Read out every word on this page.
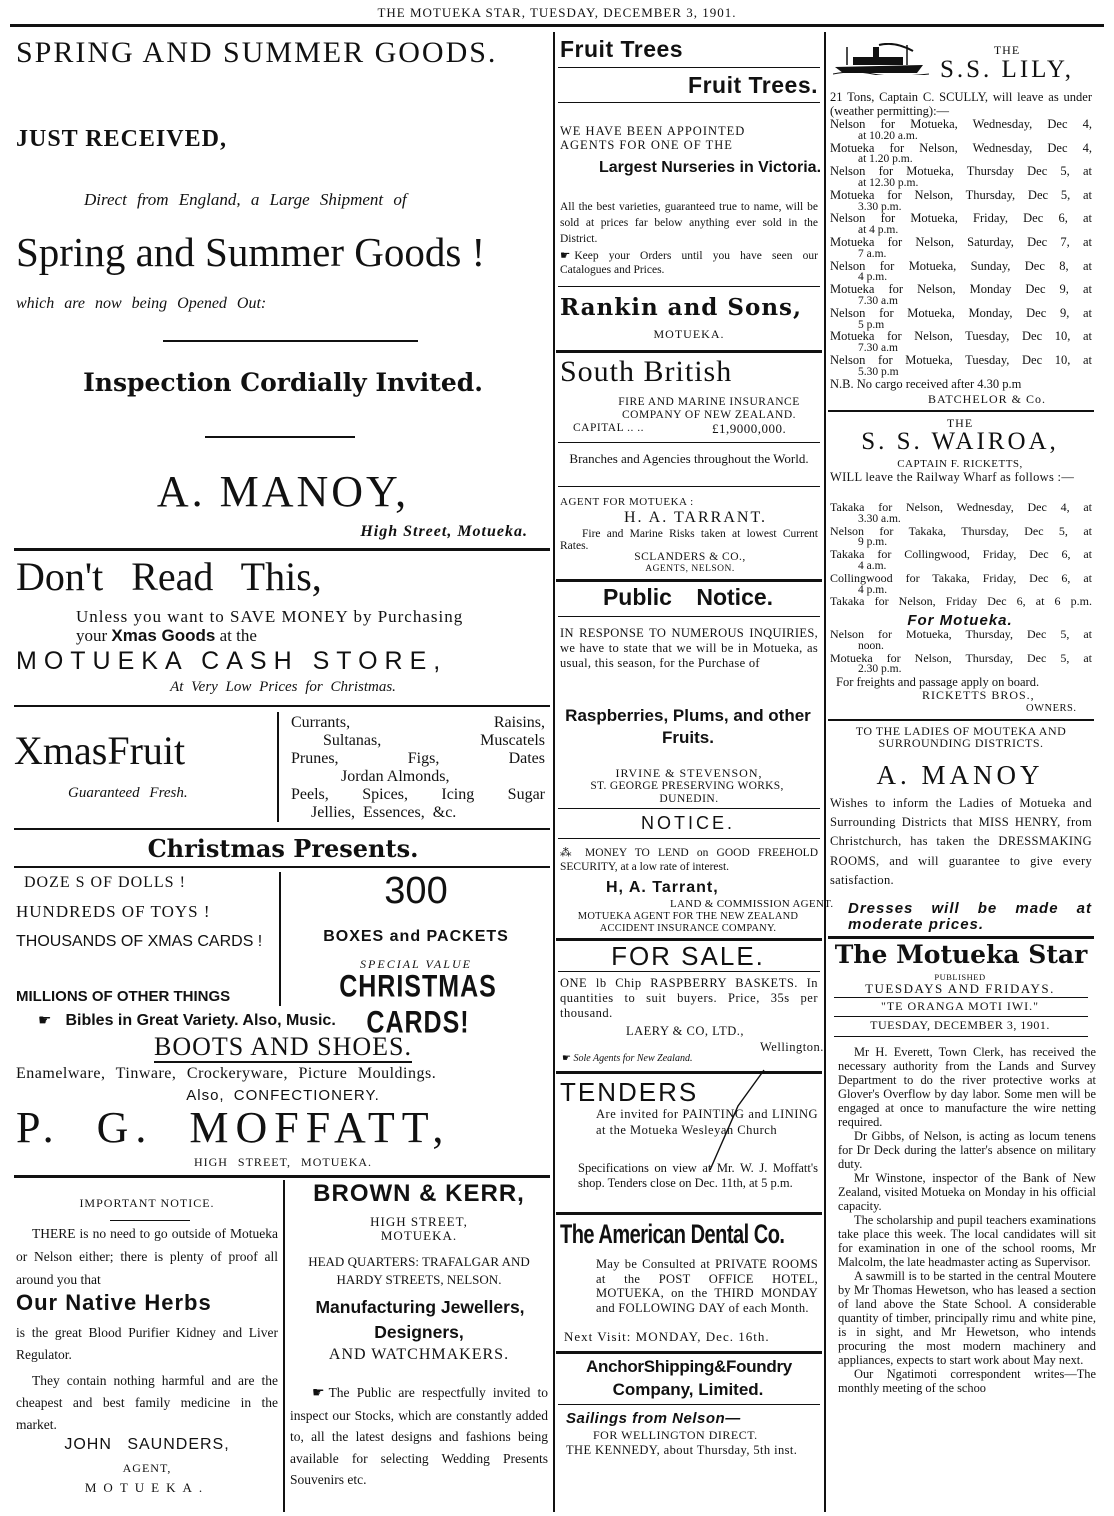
THE MOTUEKA STAR, TUESDAY, DECEMBER 3, 1901.
SPRING AND SUMMER GOODS.
JUST RECEIVED,
Direct from England, a Large Shipment of
Spring and Summer Goods !
which are now being Opened Out:
Inspection Cordially Invited.
A. MANOY,
High Street, Motueka.
Don't Read This,
Unless you want to SAVE MONEY by Purchasing
your Xmas Goods at the
MOTUEKA CASH STORE,
At Very Low Prices for Christmas.
XmasFruit
Guaranteed Fresh.
Currants, Raisins,
Sultanas, Muscatels
Prunes, Figs, Dates
Jordan Almonds,
Peels, Spices, Icing Sugar
Jellies, Essences, &c.
Christmas Presents.
DOZE S OF DOLLS !
HUNDREDS OF TOYS !
THOUSANDS OF XMAS CARDS !
MILLIONS OF OTHER THINGS
300
BOXES and PACKETS
SPECIAL VALUE
CHRISTMAS CARDS!
☛ Bibles in Great Variety. Also, Music.
BOOTS AND SHOES.
Enamelware, Tinware, Crockeryware, Picture Mouldings.
Also, CONFECTIONERY.
P. G. MOFFATT,
HIGH STREET, MOTUEKA.
IMPORTANT NOTICE.
THERE is no need to go outside of Motueka or Nelson either; there is plenty of proof all around you that
Our Native Herbs
is the great Blood Purifier Kidney and Liver Regulator.
They contain nothing harmful and are the cheapest and best family medicine in the market.
JOHN SAUNDERS,
AGENT,
MOTUEKA.
BROWN & KERR,
HIGH STREET,
MOTUEKA.
HEAD QUARTERS: TRAFALGAR AND HARDY STREETS, NELSON.
Manufacturing Jewellers,
Designers,
AND WATCHMAKERS.
☛ The Public are respectfully invited to inspect our Stocks, which are constantly added to, all the latest designs and fashions being available for selecting Wedding Presents Souvenirs etc.
Fruit Trees
Fruit Trees.
WE HAVE BEEN APPOINTED AGENTS FOR ONE OF THE
Largest Nurseries in Victoria.
All the best varieties, guaranteed true to name, will be sold at prices far below anything ever sold in the District.
☛ Keep your Orders until you have seen our Catalogues and Prices.
Rankin and Sons,
MOTUEKA.
South British
FIRE AND MARINE INSURANCE
COMPANY OF NEW ZEALAND.
CAPITAL .. ..	£1,9000,000.
Branches and Agencies throughout the World.
AGENT FOR MOTUEKA :
H. A. TARRANT.
Fire and Marine Risks taken at lowest Current Rates.
SCLANDERS & CO.,
AGENTS, NELSON.
Public Notice.
IN RESPONSE TO NUMEROUS INQUIRIES, we have to state that we will be in Motueka, as usual, this season, for the Purchase of
Raspberries, Plums, and other Fruits.
IRVINE & STEVENSON,
ST. GEORGE PRESERVING WORKS,
DUNEDIN.
NOTICE.
⁂ MONEY TO LEND on GOOD FREEHOLD SECURITY, at a low rate of interest.
H, A. Tarrant,
LAND & COMMISSION AGENT.
MOTUEKA AGENT FOR THE NEW ZEALAND ACCIDENT INSURANCE COMPANY.
FOR SALE.
ONE lb Chip RASPBERRY BASKETS. In quantities to suit buyers. Price, 35s per thousand.
LAERY & CO, LTD.,
Wellington.
☛ Sole Agents for New Zealand.
TENDERS
Are invited for PAINTING and LINING at the Motueka Wesleyan Church
Specifications on view at Mr. W. J. Moffatt's shop. Tenders close on Dec. 11th, at 5 p.m.
The American Dental Co.
May be Consulted at PRIVATE ROOMS at the POST OFFICE HOTEL, MOTUEKA, on the THIRD MONDAY and FOLLOWING DAY of each Month.
Next Visit: MONDAY, Dec. 16th.
AnchorShipping&Foundry
Company, Limited.
Sailings from Nelson—
FOR WELLINGTON DIRECT.
THE KENNEDY, about Thursday, 5th inst.
THE
S.S. LILY,
21 Tons, Captain C. SCULLY, will leave as under (weather permitting):—
Nelson for Motueka, Wednesday, Dec 4,
at 10.20 a.m.
Motueka for Nelson, Wednesday, Dec 4,
at 1.20 p.m.
Nelson for Motueka, Thursday Dec 5, at
at 12.30 p.m.
Motueka for Nelson, Thursday, Dec 5, at
3.30 p.m.
Nelson for Motueka, Friday, Dec 6, at
at 4 p.m.
Motueka for Nelson, Saturday, Dec 7, at
7 a.m.
Nelson for Motueka, Sunday, Dec 8, at
4 p.m.
Motueka for Nelson, Monday Dec 9, at
7.30 a.m
Nelson for Motueka, Monday, Dec 9, at
5 p.m
Motueka for Nelson, Tuesday, Dec 10, at
7.30 a.m
Nelson for Motueka, Tuesday, Dec 10, at
5.30 p.m
N.B. No cargo received after 4.30 p.m
BATCHELOR & Co.
THE
S. S. WAIROA,
CAPTAIN F. RICKETTS,
WILL leave the Railway Wharf as follows :—
Takaka for Nelson, Wednesday, Dec 4, at
3.30 a.m.
Nelson for Takaka, Thursday, Dec 5, at
9 p.m.
Takaka for Collingwood, Friday, Dec 6, at
4 a.m.
Collingwood for Takaka, Friday, Dec 6, at
4 p.m.
Takaka for Nelson, Friday Dec 6, at 6 p.m.
For Motueka.
Nelson for Motueka, Thursday, Dec 5, at
noon.
Motueka for Nelson, Thursday, Dec 5, at
2.30 p.m.
For freights and passage apply on board.
RICKETTS BROS.,
OWNERS.
TO THE LADIES OF MOUTEKA AND SURROUNDING DISTRICTS.
A. MANOY
Wishes to inform the Ladies of Motueka and Surrounding Districts that MISS HENRY, from Christchurch, has taken the DRESSMAKING ROOMS, and will guarantee to give every satisfaction.
Dresses will be made at moderate prices.
The Motueka Star
PUBLISHED
TUESDAYS AND FRIDAYS.
"TE ORANGA MOTI IWI."
TUESDAY, DECEMBER 3, 1901.

Mr H. Everett, Town Clerk, has received the necessary authority from the Lands and Survey Department to do the river protective works at Glover's Overflow by day labor. Some men will be engaged at once to manufacture the wire netting required.

Dr Gibbs, of Nelson, is acting as locum tenens for Dr Deck during the latter's absence on military duty.

Mr Winstone, inspector of the Bank of New Zealand, visited Motueka on Monday in his official capacity.

The scholarship and pupil teachers examinations take place this week. The local candidates will sit for examination in one of the school rooms, Mr Malcolm, the late headmaster acting as Supervisor.

A sawmill is to be started in the central Moutere by Mr Thomas Hewetson, who has leased a section of land above the State School. A considerable quantity of timber, principally rimu and white pine, is in sight, and Mr Hewetson, who intends procuring the most modern machinery and appliances, expects to start work about May next.

Our Ngatimoti correspondent writes—The monthly meeting of the schoo
